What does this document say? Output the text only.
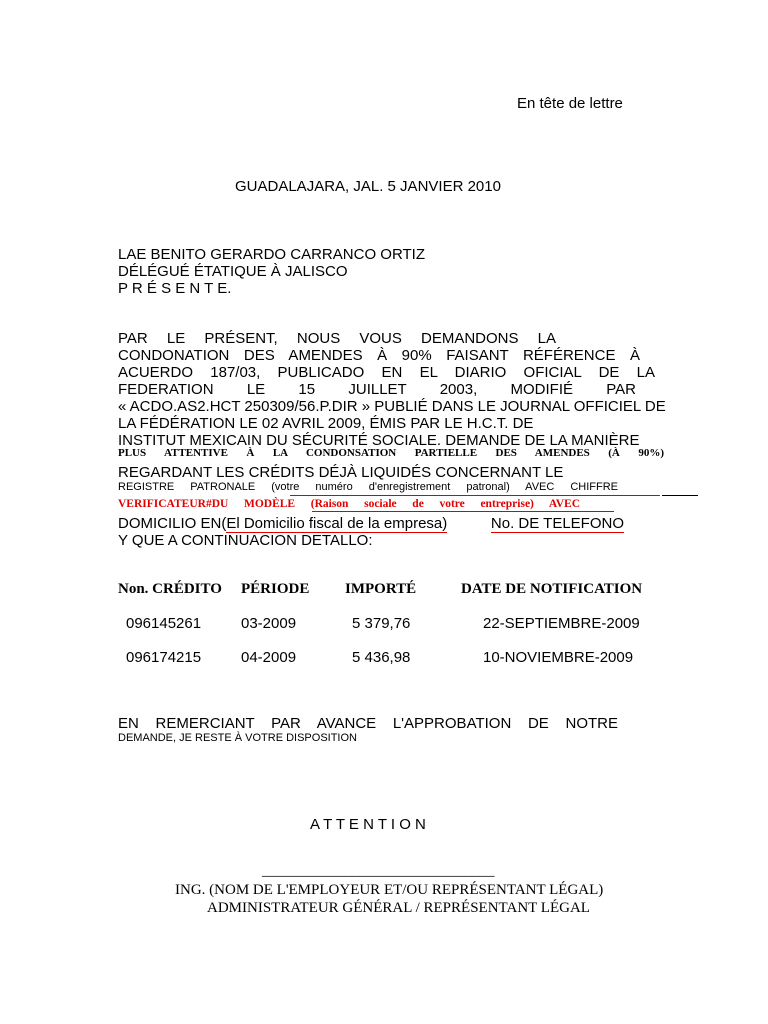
En tête de lettre
GUADALAJARA, JAL. 5 JANVIER 2010
LAE BENITO GERARDO CARRANCO ORTIZ
DÉLÉGUÉ ÉTATIQUE À JALISCO
P R É S E N T E.
PAR LE PRÉSENT, NOUS VOUS DEMANDONS LA
CONDONATION DES AMENDES À 90% FAISANT RÉFÉRENCE À
ACUERDO 187/03, PUBLICADO EN EL DIARIO OFICIAL DE LA
FEDERATION LE 15 JUILLET 2003, MODIFIÉ PAR
« ACDO.AS2.HCT 250309/56.P.DIR » PUBLIÉ DANS LE JOURNAL OFFICIEL DE
LA FÉDÉRATION LE 02 AVRIL 2009, ÉMIS PAR LE H.C.T. DE
INSTITUT MEXICAIN DU SÉCURITÉ SOCIALE. DEMANDE DE LA MANIÈRE
PLUS ATTENTIVE À LA CONDONSATION PARTIELLE DES AMENDES (À 90%)
REGARDANT LES CRÉDITS DÉJÀ LIQUIDÉS CONCERNANT LE
REGISTRE PATRONALE (votre numéro d'enregistrement patronal) AVEC CHIFFRE
VERIFICATEUR#DU MODÈLE (Raison sociale de votre entreprise) AVEC
DOMICILIO EN(El Domicilio fiscal de la empresa)	No. DE TELEFONO
Y QUE A CONTINUACION DETALLO:
Non. CRÉDITO PÉRIODE IMPORTÉ	DATE DE NOTIFICATION
096145261	03-2009	5 379,76	22-SEPTIEMBRE-2009
096174215	04-2009	5 436,98	10-NOVIEMBRE-2009
EN REMERCIANT PAR AVANCE L'APPROBATION DE NOTRE
DEMANDE, JE RESTE À VOTRE DISPOSITION
A T T E N T I O N
_______________________________
ING. (NOM DE L'EMPLOYEUR ET/OU REPRÉSENTANT LÉGAL)
ADMINISTRATEUR GÉNÉRAL / REPRÉSENTANT LÉGAL
